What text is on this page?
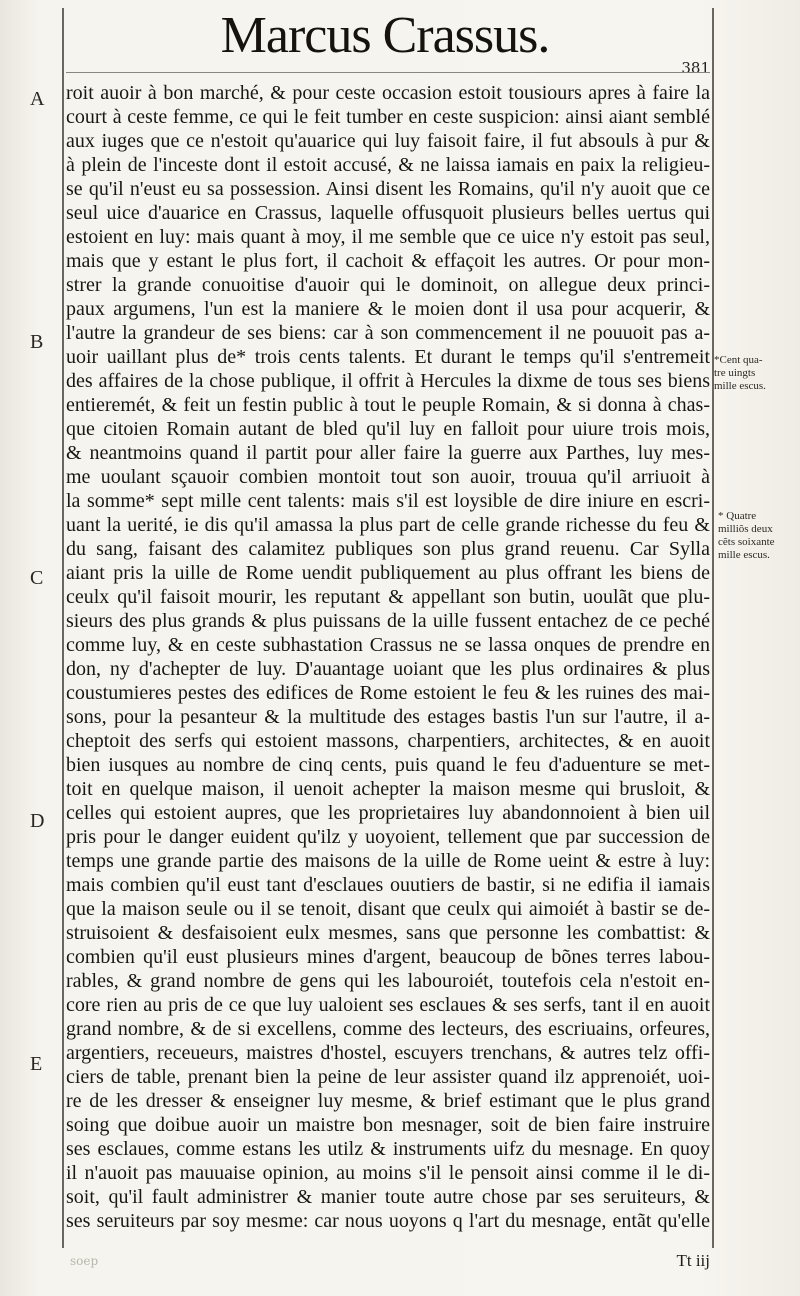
Marcus Crassus.
381
A
B
C
D
E
roit auoir à bon marché, & pour ceste occasion estoit tousiours apres à faire la
court à ceste femme, ce qui le feit tumber en ceste suspicion: ainsi aiant semblé
aux iuges que ce n'estoit qu'auarice qui luy faisoit faire, il fut absouls à pur &
à plein de l'inceste dont il estoit accusé, & ne laissa iamais en paix la religieu-
se qu'il n'eust eu sa possession. Ainsi disent les Romains, qu'il n'y auoit que ce
seul uice d'auarice en Crassus, laquelle offusquoit plusieurs belles uertus qui
estoient en luy: mais quant à moy, il me semble que ce uice n'y estoit pas seul,
mais que y estant le plus fort, il cachoit & effaçoit les autres. Or pour mon-
strer la grande conuoitise d'auoir qui le dominoit, on allegue deux princi-
paux argumens, l'un est la maniere & le moien dont il usa pour acquerir, &
l'autre la grandeur de ses biens: car à son commencement il ne pouuoit pas a-
uoir uaillant plus de* trois cents talents. Et durant le temps qu'il s'entremeit
des affaires de la chose publique, il offrit à Hercules la dixme de tous ses biens
entieremét, & feit un festin public à tout le peuple Romain, & si donna à chas-
que citoien Romain autant de bled qu'il luy en falloit pour uiure trois mois,
& neantmoins quand il partit pour aller faire la guerre aux Parthes, luy mes-
me uoulant sçauoir combien montoit tout son auoir, trouua qu'il arriuoit à
la somme* sept mille cent talents: mais s'il est loysible de dire iniure en escri-
uant la uerité, ie dis qu'il amassa la plus part de celle grande richesse du feu &
du sang, faisant des calamitez publiques son plus grand reuenu. Car Sylla
aiant pris la uille de Rome uendit publiquement au plus offrant les biens de
ceulx qu'il faisoit mourir, les reputant & appellant son butin, uoulãt que plu-
sieurs des plus grands & plus puissans de la uille fussent entachez de ce peché
comme luy, & en ceste subhastation Crassus ne se lassa onques de prendre en
don, ny d'achepter de luy. D'auantage uoiant que les plus ordinaires & plus
coustumieres pestes des edifices de Rome estoient le feu & les ruines des mai-
sons, pour la pesanteur & la multitude des estages bastis l'un sur l'autre, il a-
cheptoit des serfs qui estoient massons, charpentiers, architectes, & en auoit
bien iusques au nombre de cinq cents, puis quand le feu d'aduenture se met-
toit en quelque maison, il uenoit achepter la maison mesme qui brusloit, &
celles qui estoient aupres, que les proprietaires luy abandonnoient à bien uil
pris pour le danger euident qu'ilz y uoyoient, tellement que par succession de
temps une grande partie des maisons de la uille de Rome ueint & estre à luy:
mais combien qu'il eust tant d'esclaues ouutiers de bastir, si ne edifia il iamais
que la maison seule ou il se tenoit, disant que ceulx qui aimoiét à bastir se de-
struisoient & desfaisoient eulx mesmes, sans que personne les combattist: &
combien qu'il eust plusieurs mines d'argent, beaucoup de bõnes terres labou-
rables, & grand nombre de gens qui les labouroiét, toutefois cela n'estoit en-
core rien au pris de ce que luy ualoient ses esclaues & ses serfs, tant il en auoit
grand nombre, & de si excellens, comme des lecteurs, des escriuains, orfeures,
argentiers, receueurs, maistres d'hostel, escuyers trenchans, & autres telz offi-
ciers de table, prenant bien la peine de leur assister quand ilz apprenoiét, uoi-
re de les dresser & enseigner luy mesme, & brief estimant que le plus grand
soing que doibue auoir un maistre bon mesnager, soit de bien faire instruire
ses esclaues, comme estans les utilz & instruments uifz du mesnage. En quoy
il n'auoit pas mauuaise opinion, au moins s'il le pensoit ainsi comme il le di-
soit, qu'il fault administrer & manier toute autre chose par ses seruiteurs, &
ses seruiteurs par soy mesme: car nous uoyons q l'art du mesnage, entãt qu'elle
*Cent qua-
tre uingts
mille escus.
* Quatre
milliõs deux
cẽts soixante
mille escus.
soep	Tt iij
